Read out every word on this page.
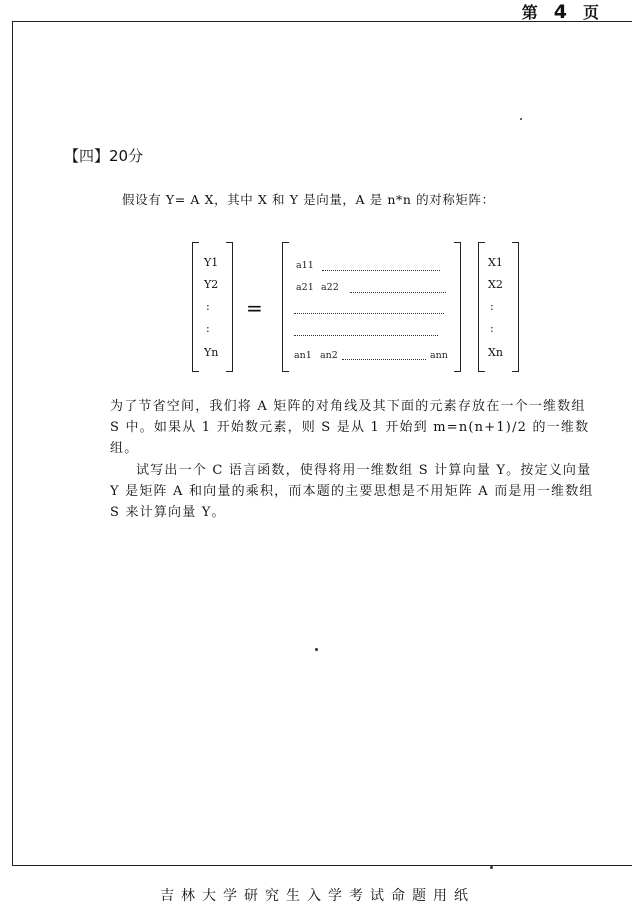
第 4 页
【四】20分
假设有 Y= A X，其中 X 和 Y 是向量，A 是 n*n 的对称矩阵：
Y1
Y2
:
:
Yn
=
a11
a21 a22
an1 an2	ann
X1
X2
:
:
Xn

为了节省空间，我们将 A 矩阵的对角线及其下面的元素存放在一个一维数组 S 中。如果从 1 开始数元素，则 S 是从 1 开始到 m=n(n+1)/2 的一维数组。

试写出一个 C 语言函数，使得将用一维数组 S 计算向量 Y。按定义向量 Y 是矩阵 A 和向量的乘积，而本题的主要思想是不用矩阵 A 而是用一维数组 S 来计算向量 Y。

吉林大学研究生入学考试命题用纸
